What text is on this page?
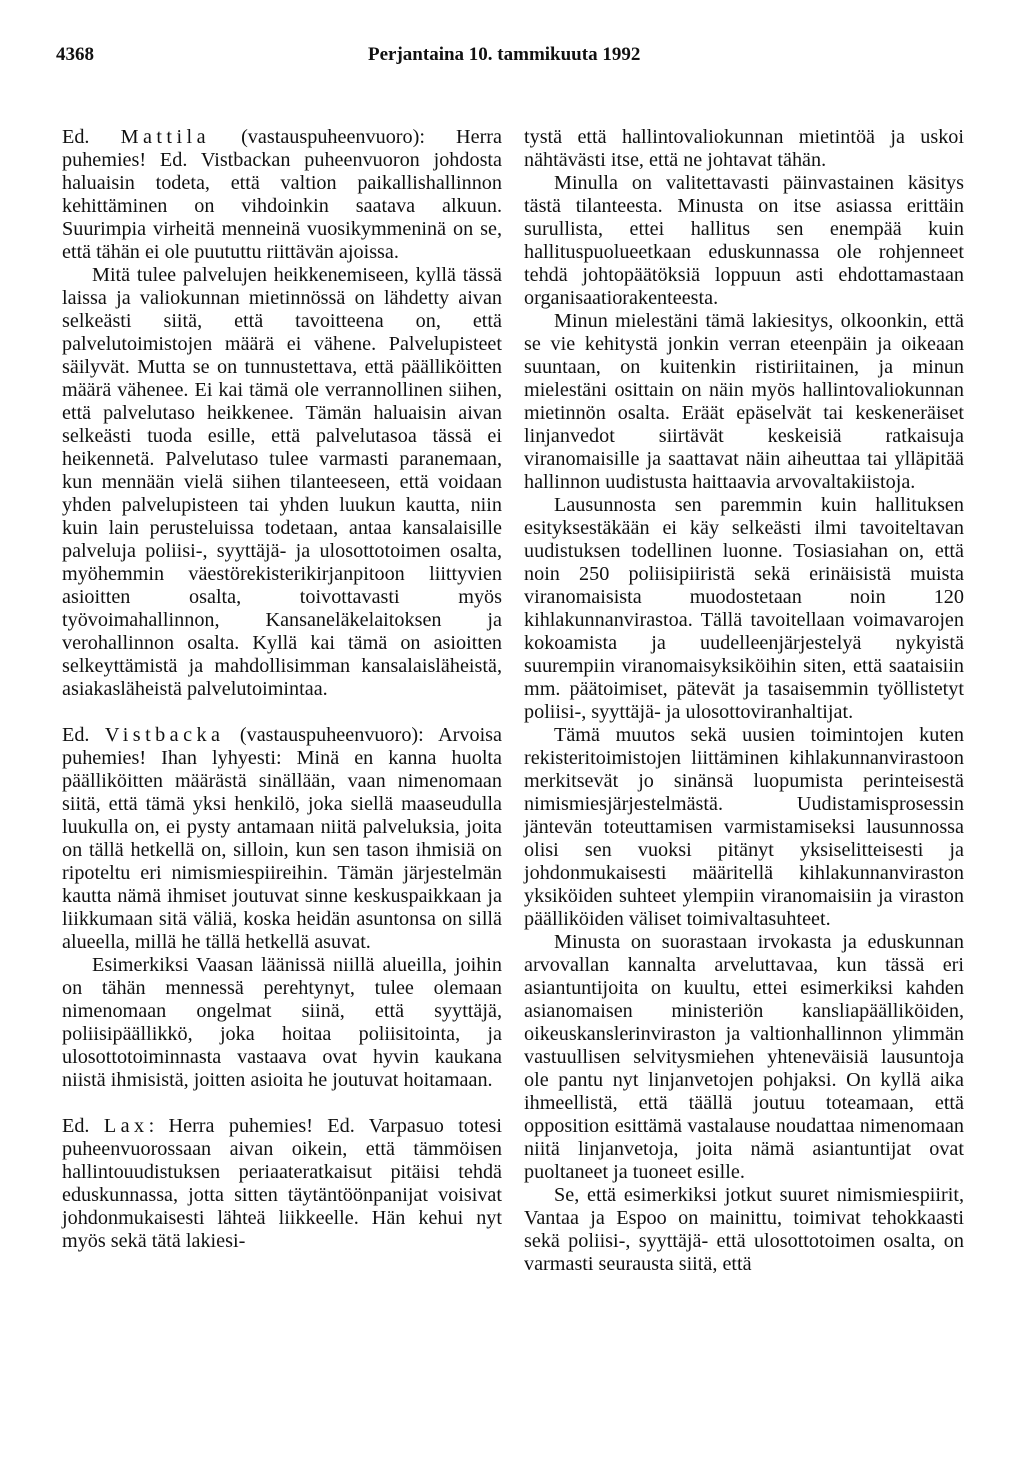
4368	Perjantaina 10. tammikuuta 1992

Ed. Mattila (vastauspuheenvuoro): Herra puhemies! Ed. Vistbackan puheenvuoron johdosta haluaisin todeta, että valtion paikallishallinnon kehittäminen on vihdoinkin saatava alkuun. Suurimpia virheitä menneinä vuosikymmeninä on se, että tähän ei ole puututtu riittävän ajoissa.

Mitä tulee palvelujen heikkenemiseen, kyllä tässä laissa ja valiokunnan mietinnössä on lähdetty aivan selkeästi siitä, että tavoitteena on, että palvelutoimistojen määrä ei vähene. Palvelupisteet säilyvät. Mutta se on tunnustettava, että päälliköitten määrä vähenee. Ei kai tämä ole verrannollinen siihen, että palvelutaso heikkenee. Tämän haluaisin aivan selkeästi tuoda esille, että palvelutasoa tässä ei heikennetä. Palvelutaso tulee varmasti paranemaan, kun mennään vielä siihen tilanteeseen, että voidaan yhden palvelupisteen tai yhden luukun kautta, niin kuin lain perusteluissa todetaan, antaa kansalaisille palveluja poliisi-, syyttäjä- ja ulosottotoimen osalta, myöhemmin väestörekisterikirjanpitoon liittyvien asioitten osalta, toivottavasti myös työvoimahallinnon, Kansaneläkelaitoksen ja verohallinnon osalta. Kyllä kai tämä on asioitten selkeyttämistä ja mahdollisimman kansalaisläheistä, asiakasläheistä palvelutoimintaa.

Ed. Vistbacka (vastauspuheenvuoro): Arvoisa puhemies! Ihan lyhyesti: Minä en kanna huolta päälliköitten määrästä sinällään, vaan nimenomaan siitä, että tämä yksi henkilö, joka siellä maaseudulla luukulla on, ei pysty antamaan niitä palveluksia, joita on tällä hetkellä on, silloin, kun sen tason ihmisiä on ripoteltu eri nimismiespiireihin. Tämän järjestelmän kautta nämä ihmiset joutuvat sinne keskuspaikkaan ja liikkumaan sitä väliä, koska heidän asuntonsa on sillä alueella, millä he tällä hetkellä asuvat.

Esimerkiksi Vaasan läänissä niillä alueilla, joihin on tähän mennessä perehtynyt, tulee olemaan nimenomaan ongelmat siinä, että syyttäjä, poliisipäällikkö, joka hoitaa poliisitointa, ja ulosottotoiminnasta vastaava ovat hyvin kaukana niistä ihmisistä, joitten asioita he joutuvat hoitamaan.

Ed. Lax: Herra puhemies! Ed. Varpasuo totesi puheenvuorossaan aivan oikein, että tämmöisen hallintouudistuksen periaateratkaisut pitäisi tehdä eduskunnassa, jotta sitten täytäntöönpanijat voisivat johdonmukaisesti lähteä liikkeelle. Hän kehui nyt myös sekä tätä lakiesi-

tystä että hallintovaliokunnan mietintöä ja uskoi nähtävästi itse, että ne johtavat tähän.

Minulla on valitettavasti päinvastainen käsitys tästä tilanteesta. Minusta on itse asiassa erittäin surullista, ettei hallitus sen enempää kuin hallituspuolueetkaan eduskunnassa ole rohjenneet tehdä johtopäätöksiä loppuun asti ehdottamastaan organisaatiorakenteesta.

Minun mielestäni tämä lakiesitys, olkoonkin, että se vie kehitystä jonkin verran eteenpäin ja oikeaan suuntaan, on kuitenkin ristiriitainen, ja minun mielestäni osittain on näin myös hallintovaliokunnan mietinnön osalta. Eräät epäselvät tai keskeneräiset linjanvedot siirtävät keskeisiä ratkaisuja viranomaisille ja saattavat näin aiheuttaa tai ylläpitää hallinnon uudistusta haittaavia arvovaltakiistoja.

Lausunnosta sen paremmin kuin hallituksen esityksestäkään ei käy selkeästi ilmi tavoiteltavan uudistuksen todellinen luonne. Tosiasiahan on, että noin 250 poliisipiiristä sekä erinäisistä muista viranomaisista muodostetaan noin 120 kihlakunnanvirastoa. Tällä tavoitellaan voimavarojen kokoamista ja uudelleenjärjestelyä nykyistä suurempiin viranomaisyksiköihin siten, että saataisiin mm. päätoimiset, pätevät ja tasaisemmin työllistetyt poliisi-, syyttäjä- ja ulosottoviranhaltijat.

Tämä muutos sekä uusien toimintojen kuten rekisteritoimistojen liittäminen kihlakunnanvirastoon merkitsevät jo sinänsä luopumista perinteisestä nimismiesjärjestelmästä. Uudistamisprosessin jäntevän toteuttamisen varmistamiseksi lausunnossa olisi sen vuoksi pitänyt yksiselitteisesti ja johdonmukaisesti määritellä kihlakunnanviraston yksiköiden suhteet ylempiin viranomaisiin ja viraston päälliköiden väliset toimivaltasuhteet.

Minusta on suorastaan irvokasta ja eduskunnan arvovallan kannalta arveluttavaa, kun tässä eri asiantuntijoita on kuultu, ettei esimerkiksi kahden asianomaisen ministeriön kansliapäälliköiden, oikeuskanslerinviraston ja valtionhallinnon ylimmän vastuullisen selvitysmiehen yhteneväisiä lausuntoja ole pantu nyt linjanvetojen pohjaksi. On kyllä aika ihmeellistä, että täällä joutuu toteamaan, että opposition esittämä vastalause noudattaa nimenomaan niitä linjanvetoja, joita nämä asiantuntijat ovat puoltaneet ja tuoneet esille.

Se, että esimerkiksi jotkut suuret nimismiespiirit, Vantaa ja Espoo on mainittu, toimivat tehokkaasti sekä poliisi-, syyttäjä- että ulosottotoimen osalta, on varmasti seurausta siitä, että
